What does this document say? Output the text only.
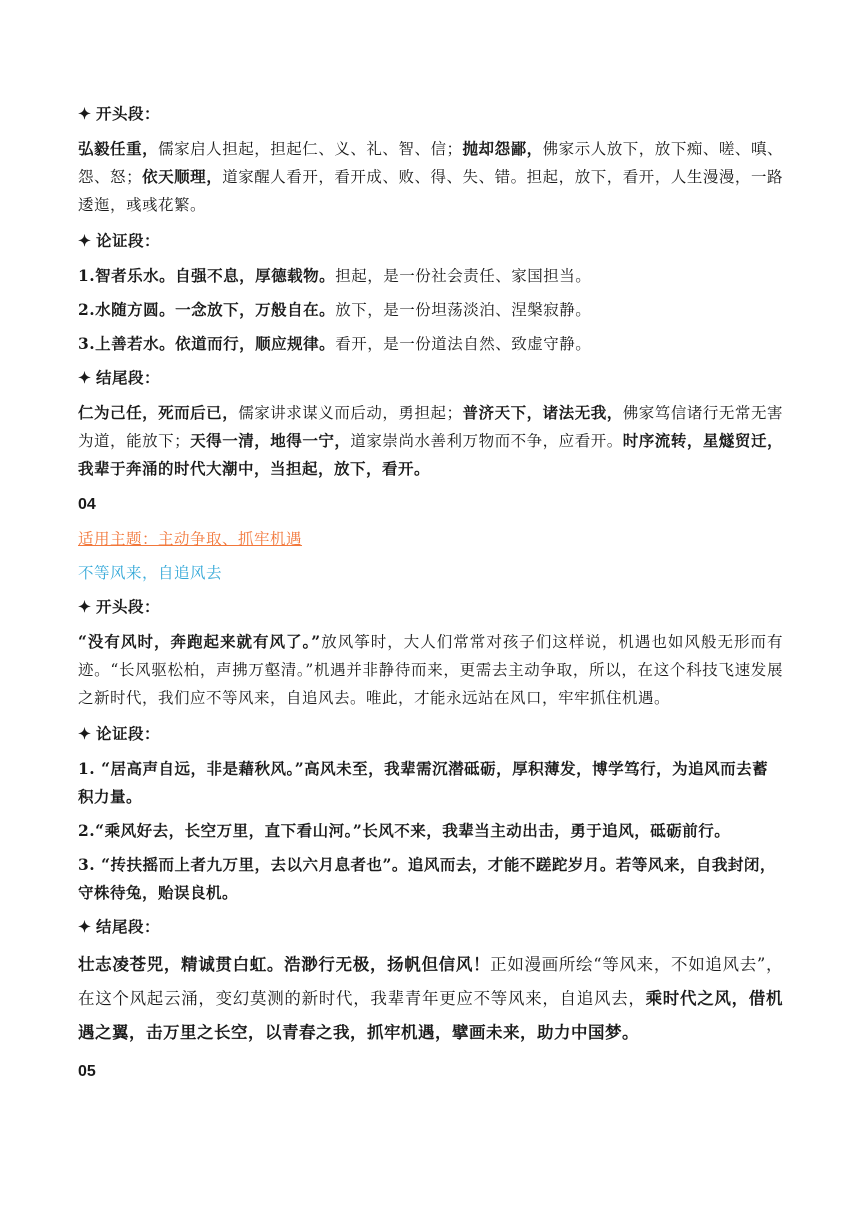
✦ 开头段：

弘毅任重，儒家启人担起，担起仁、义、礼、智、信；抛却怨鄙，佛家示人放下，放下痴、嗟、嗔、怨、怒；依天顺理，道家醒人看开，看开成、败、得、失、错。担起，放下，看开，人生漫漫，一路逶迤，彧彧花繁。

✦ 论证段：

1.智者乐水。自强不息，厚德载物。担起，是一份社会责任、家国担当。

2.水随方圆。一念放下，万般自在。放下，是一份坦荡淡泊、涅槃寂静。

3.上善若水。依道而行，顺应规律。看开，是一份道法自然、致虚守静。

✦ 结尾段：

仁为己任，死而后已，儒家讲求谋义而后动，勇担起；普济天下，诸法无我，佛家笃信诸行无常无害为道，能放下；天得一清，地得一宁，道家崇尚水善利万物而不争，应看开。时序流转，星燧贸迁，我辈于奔涌的时代大潮中，当担起，放下，看开。

04

适用主题：主动争取、抓牢机遇

不等风来，自追风去

✦ 开头段：

“没有风时，奔跑起来就有风了。”放风筝时，大人们常常对孩子们这样说，机遇也如风般无形而有迹。“长风驱松柏，声拂万壑清。”机遇并非静待而来，更需去主动争取，所以，在这个科技飞速发展之新时代，我们应不等风来，自追风去。唯此，才能永远站在风口，牢牢抓住机遇。

✦ 论证段：

1. “居高声自远，非是藉秋风。”高风未至，我辈需沉潜砥砺，厚积薄发，博学笃行，为追风而去蓄积力量。

2.“乘风好去，长空万里，直下看山河。”长风不来，我辈当主动出击，勇于追风，砥砺前行。

3. “抟扶摇而上者九万里，去以六月息者也”。追风而去，才能不蹉跎岁月。若等风来，自我封闭，守株待兔，贻误良机。

✦ 结尾段：

壮志凌苍兕，精诚贯白虹。浩渺行无极，扬帆但信风！正如漫画所绘“等风来，不如追风去”，在这个风起云涌，变幻莫测的新时代，我辈青年更应不等风来，自追风去，乘时代之风，借机遇之翼，击万里之长空，以青春之我，抓牢机遇，擘画未来，助力中国梦。

05
